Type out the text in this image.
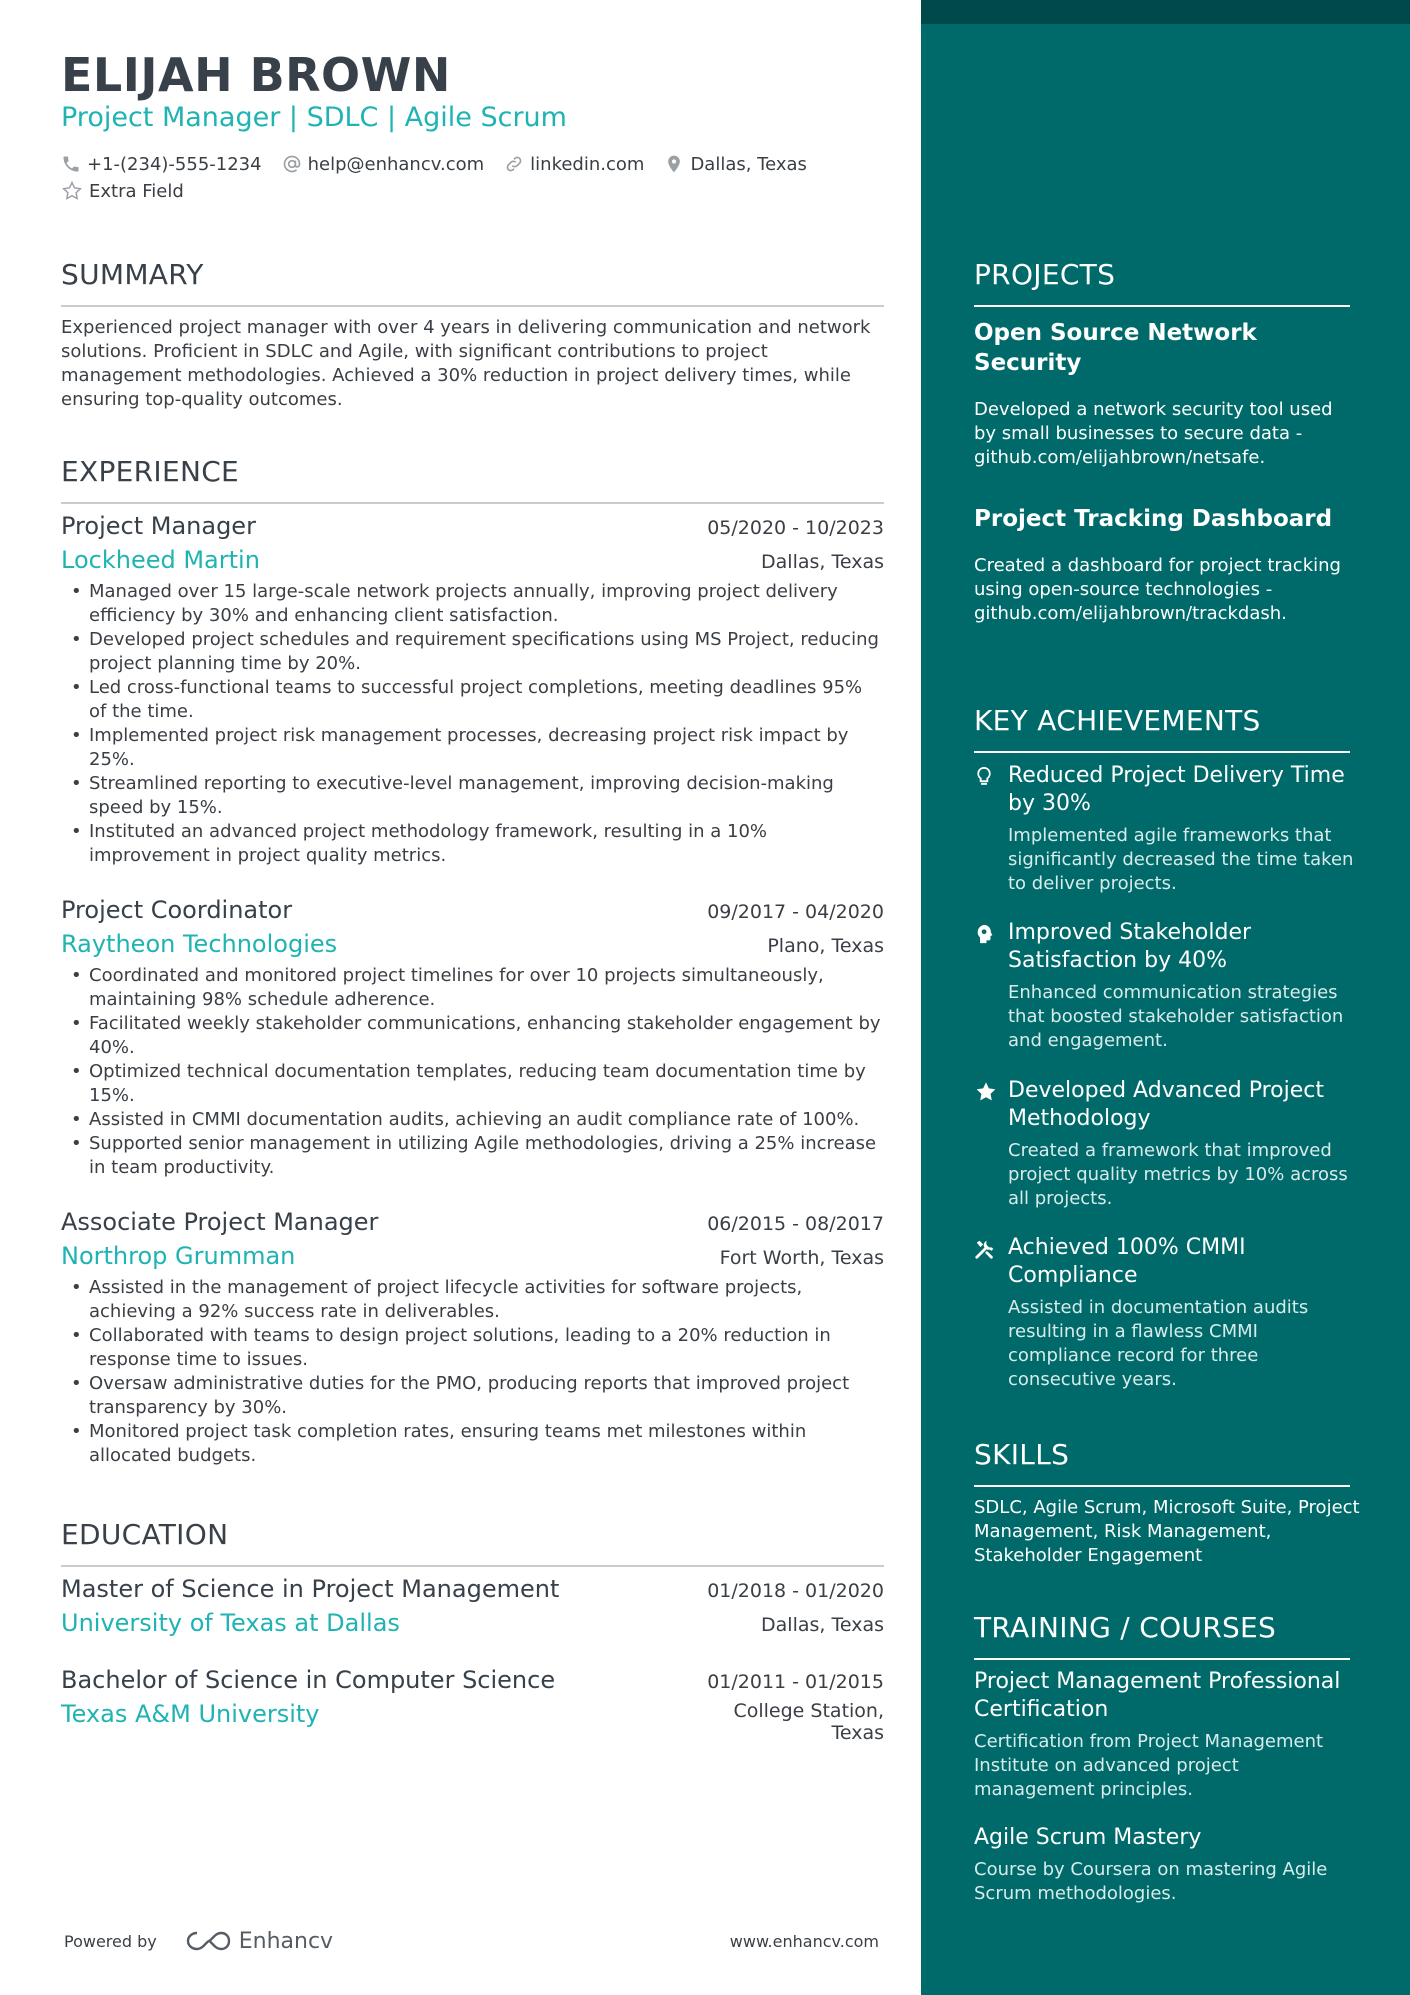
ELIJAH BROWN
Project Manager | SDLC | Agile Scrum
+1-(234)-555-1234	help@enhancv.com	linkedin.com	Dallas, Texas
Extra Field
SUMMARY
Experienced project manager with over 4 years in delivering communication and network solutions. Proficient in SDLC and Agile, with significant contributions to project management methodologies. Achieved a 30% reduction in project delivery times, while ensuring top-quality outcomes.
EXPERIENCE
Project Manager	05/2020 - 10/2023
Lockheed Martin	Dallas, Texas
• Managed over 15 large-scale network projects annually, improving project delivery efficiency by 30% and enhancing client satisfaction.
• Developed project schedules and requirement specifications using MS Project, reducing project planning time by 20%.
• Led cross-functional teams to successful project completions, meeting deadlines 95% of the time.
• Implemented project risk management processes, decreasing project risk impact by 25%.
• Streamlined reporting to executive-level management, improving decision-making speed by 15%.
• Instituted an advanced project methodology framework, resulting in a 10% improvement in project quality metrics.
Project Coordinator	09/2017 - 04/2020
Raytheon Technologies	Plano, Texas
• Coordinated and monitored project timelines for over 10 projects simultaneously, maintaining 98% schedule adherence.
• Facilitated weekly stakeholder communications, enhancing stakeholder engagement by 40%.
• Optimized technical documentation templates, reducing team documentation time by 15%.
• Assisted in CMMI documentation audits, achieving an audit compliance rate of 100%.
• Supported senior management in utilizing Agile methodologies, driving a 25% increase in team productivity.
Associate Project Manager	06/2015 - 08/2017
Northrop Grumman	Fort Worth, Texas
• Assisted in the management of project lifecycle activities for software projects, achieving a 92% success rate in deliverables.
• Collaborated with teams to design project solutions, leading to a 20% reduction in response time to issues.
• Oversaw administrative duties for the PMO, producing reports that improved project transparency by 30%.
• Monitored project task completion rates, ensuring teams met milestones within allocated budgets.
EDUCATION
Master of Science in Project Management	01/2018 - 01/2020
University of Texas at Dallas	Dallas, Texas
Bachelor of Science in Computer Science	01/2011 - 01/2015
Texas A&M University	College Station,
Texas
Powered by	Enhancv	www.enhancv.com
PROJECTS
Open Source Network
Security
Developed a network security tool used by small businesses to secure data - github.com/elijahbrown/netsafe.
Project Tracking Dashboard
Created a dashboard for project tracking using open-source technologies - github.com/elijahbrown/trackdash.
KEY ACHIEVEMENTS
Reduced Project Delivery Time by 30%
Implemented agile frameworks that significantly decreased the time taken to deliver projects.
Improved Stakeholder Satisfaction by 40%
Enhanced communication strategies that boosted stakeholder satisfaction and engagement.
Developed Advanced Project Methodology
Created a framework that improved project quality metrics by 10% across all projects.
Achieved 100% CMMI Compliance
Assisted in documentation audits resulting in a flawless CMMI compliance record for three consecutive years.
SKILLS
SDLC, Agile Scrum, Microsoft Suite, Project Management, Risk Management, Stakeholder Engagement
TRAINING / COURSES
Project Management Professional Certification
Certification from Project Management Institute on advanced project management principles.
Agile Scrum Mastery
Course by Coursera on mastering Agile Scrum methodologies.
